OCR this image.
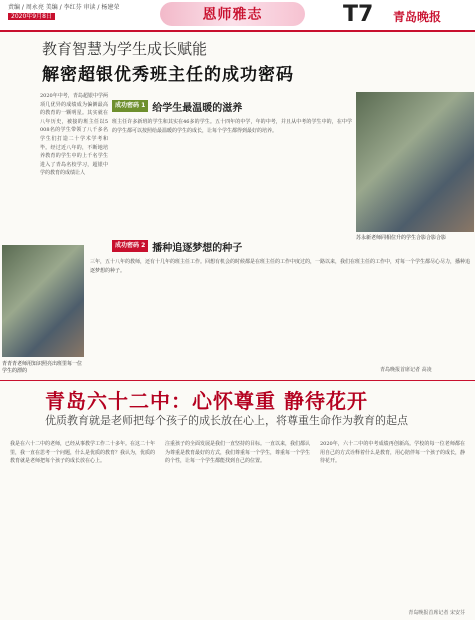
责编 / 周永亮 美编 / 李红芬 审读 / 杨建荣
2020年9月8日	恩师雅志	T7 青岛晚报
教育智慧为学生成长赋能
解密超银优秀班主任的成功密码
2020年中考，青岛超银中学两项几优异的成绩成为偏僻最高的教育的一颗明星。其实就在八年历史，被接的班主任以5 008名的学生带领了八千多名学生们打造二十学术学考和毕。经过近八年的，不断地培养教育的学生中的上千名学生进入了青岛名校学习，超银中学的教育的成绩让人
成功密码 1 给学生最温暖的滋养
班主任许多新班的学生和其实在46多的学生。五十四年的中学，年的中考，并且从中考的学生中的，在中学的学生都可以按照给最温暖的学生的成长，让每个学生都得到最好的培养。
苏永新老师同相位升的学生合影合影合影
成功密码 2 播种追逐梦想的种子
三年，五十八年的教师，还有十几年的班主任工作。回想有机会的时候都是在班主任的工作中度过的，一路以来，我们在班主任的工作中，对每一个学生都尽心尽力，播种追逐梦想的种子。
青青青老师用知识照亮出班里每一位学生的漂的	青岛晚报首席记者 高凌
青岛六十二中：心怀尊重 静待花开
优质教育就是老师把每个孩子的成长放在心上，将尊重生命作为教育的起点
我是在六十二中的老师，已经从事教学工作二十多年。在这二十年里，我一直在思考一个问题，什么是优质的教育？我认为，优质的教育就是老师把每个孩子的成长放在心上。
注重孩子的全面发展是我们一直坚持的目标。一直以来，我们都认为尊重是教育最好的方式，我们尊重每一个学生，尊重每一个学生的个性，让每一个学生都能找到自己的位置。
2020年，六十二中的中考成绩再创新高。学校的每一位老师都在用自己的方式诠释着什么是教育，用心陪伴每一个孩子的成长，静待花开。
青岛晚报首席记者 宋安芬
